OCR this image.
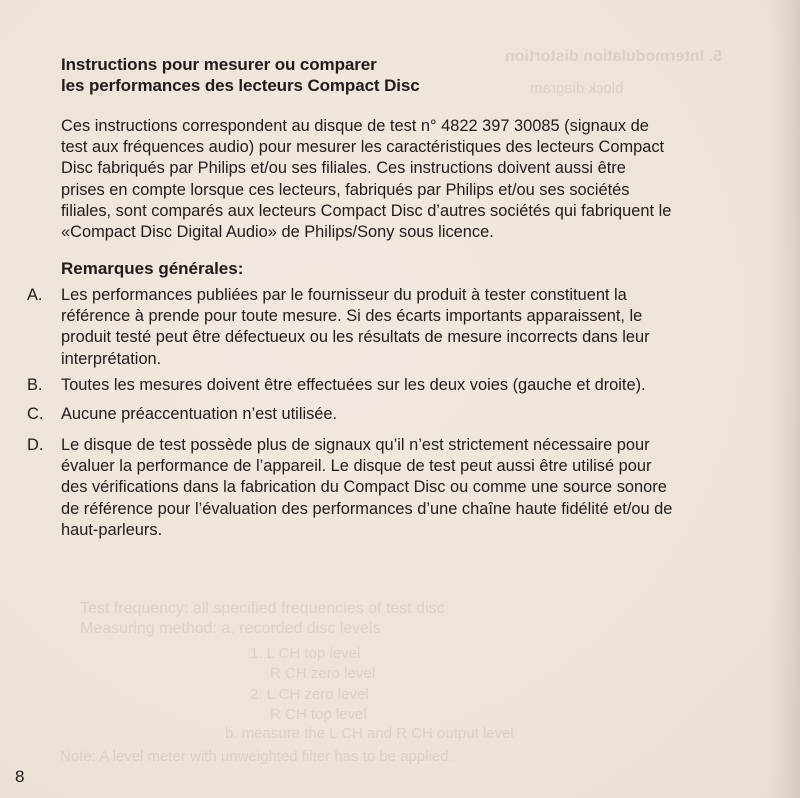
5. Intermodulation distortion
block diagram
Test frequency: all specified frequencies of test disc
Measuring method: a. recorded disc levels
1. L CH top level
R CH zero level
2. L CH zero level
R CH top level
b. measure the L CH and R CH output level
Note: A level meter with unweighted filter has to be applied.
Instructions pour mesurer ou comparer
les performances des lecteurs Compact Disc
Ces instructions correspondent au disque de test n° 4822 397 30085 (signaux de
test aux fréquences audio) pour mesurer les caractéristiques des lecteurs Compact
Disc fabriqués par Philips et/ou ses filiales. Ces instructions doivent aussi être
prises en compte lorsque ces lecteurs, fabriqués par Philips et/ou ses sociétés
filiales, sont comparés aux lecteurs Compact Disc d’autres sociétés qui fabriquent le
«Compact Disc Digital Audio» de Philips/Sony sous licence.
Remarques générales:
A. Les performances publiées par le fournisseur du produit à tester constituent la
référence à prende pour toute mesure. Si des écarts importants apparaissent, le
produit testé peut être défectueux ou les résultats de mesure incorrects dans leur
interprétation.
B. Toutes les mesures doivent être effectuées sur les deux voies (gauche et droite).
C. Aucune préaccentuation n’est utilisée.
D. Le disque de test possède plus de signaux qu’il n’est strictement nécessaire pour
évaluer la performance de l’appareil. Le disque de test peut aussi être utilisé pour
des vérifications dans la fabrication du Compact Disc ou comme une source sonore
de référence pour l’évaluation des performances d’une chaîne haute fidélité et/ou de
haut-parleurs.
8
